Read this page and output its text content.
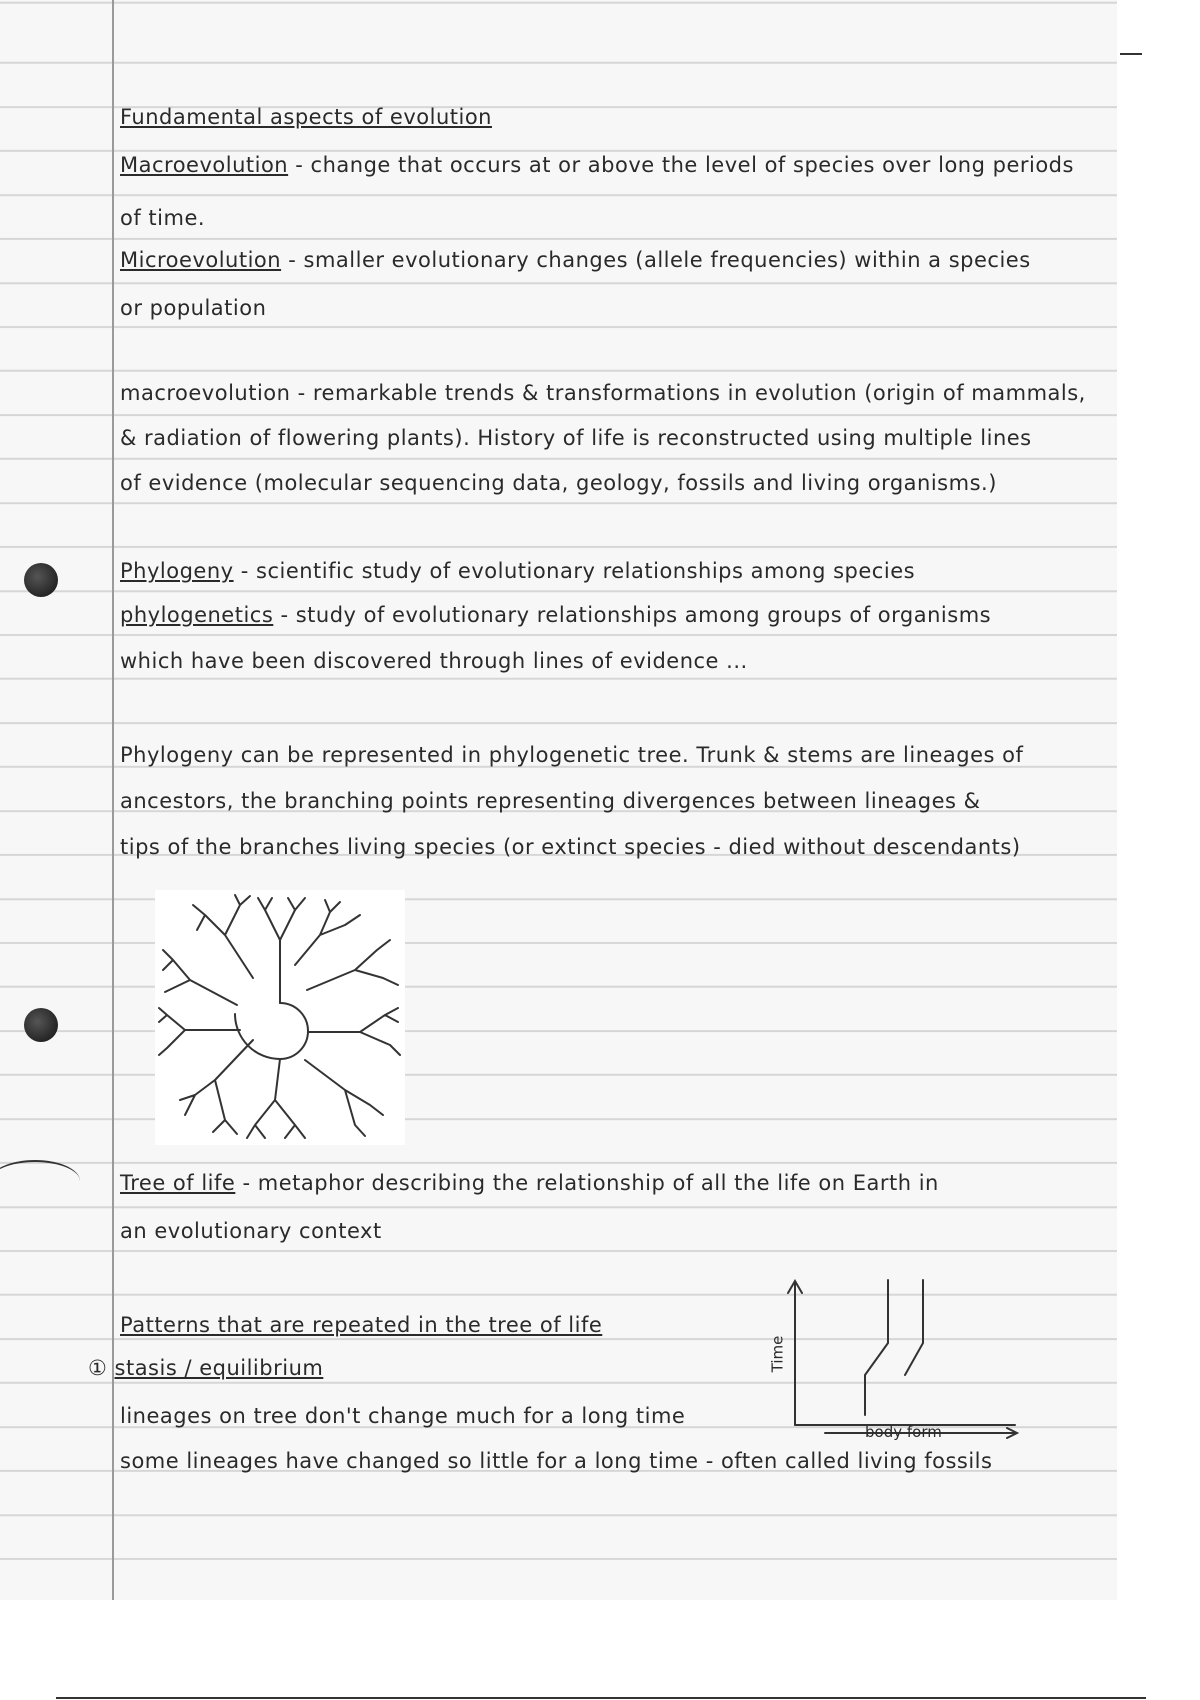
Fundamental aspects of evolution

Macroevolution - change that occurs at or above the level of species over long periods

of time.

Microevolution - smaller evolutionary changes (allele frequencies) within a species

or population

macroevolution - remarkable trends & transformations in evolution (origin of mammals,

& radiation of flowering plants). History of life is reconstructed using multiple lines

of evidence (molecular sequencing data, geology, fossils and living organisms.)

Phylogeny - scientific study of evolutionary relationships among species

phylogenetics - study of evolutionary relationships among groups of organisms

which have been discovered through lines of evidence ...

Phylogeny can be represented in phylogenetic tree. Trunk & stems are lineages of

ancestors, the branching points representing divergences between lineages &

tips of the branches living species (or extinct species - died without descendants)

Tree of life - metaphor describing the relationship of all the life on Earth in

an evolutionary context

Patterns that are repeated in the tree of life

① stasis / equilibrium

lineages on tree don't change much for a long time

some lineages have changed so little for a long time - often called living fossils

Time
body form
